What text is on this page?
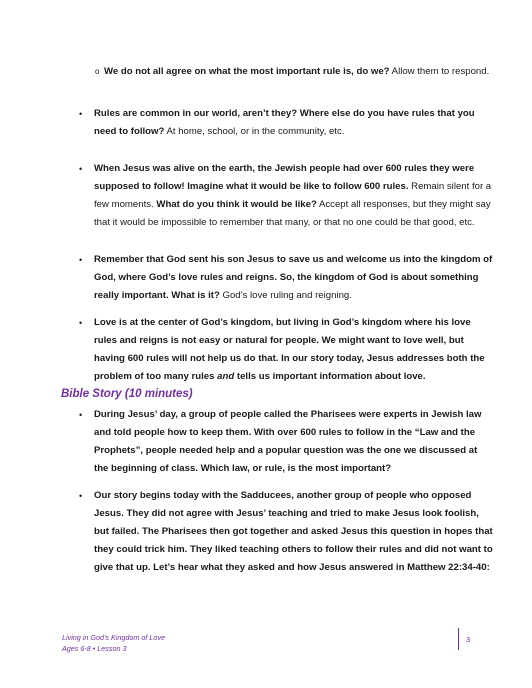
o We do not all agree on what the most important rule is, do we? Allow them to respond.
• Rules are common in our world, aren’t they? Where else do you have rules that you need to follow? At home, school, or in the community, etc.
• When Jesus was alive on the earth, the Jewish people had over 600 rules they were supposed to follow! Imagine what it would be like to follow 600 rules. Remain silent for a few moments. What do you think it would be like? Accept all responses, but they might say that it would be impossible to remember that many, or that no one could be that good, etc.
• Remember that God sent his son Jesus to save us and welcome us into the kingdom of God, where God’s love rules and reigns. So, the kingdom of God is about something really important. What is it? God’s love ruling and reigning.
• Love is at the center of God’s kingdom, but living in God’s kingdom where his love rules and reigns is not easy or natural for people. We might want to love well, but having 600 rules will not help us do that. In our story today, Jesus addresses both the problem of too many rules and tells us important information about love.
Bible Story (10 minutes)
• During Jesus’ day, a group of people called the Pharisees were experts in Jewish law and told people how to keep them. With over 600 rules to follow in the “Law and the Prophets”, people needed help and a popular question was the one we discussed at the beginning of class. Which law, or rule, is the most important?
• Our story begins today with the Sadducees, another group of people who opposed Jesus. They did not agree with Jesus’ teaching and tried to make Jesus look foolish, but failed. The Pharisees then got together and asked Jesus this question in hopes that they could trick him. They liked teaching others to follow their rules and did not want to give that up. Let’s hear what they asked and how Jesus answered in Matthew 22:34-40:
Living in God’s Kingdom of Love
Ages 6-8 • Lesson 3
3
